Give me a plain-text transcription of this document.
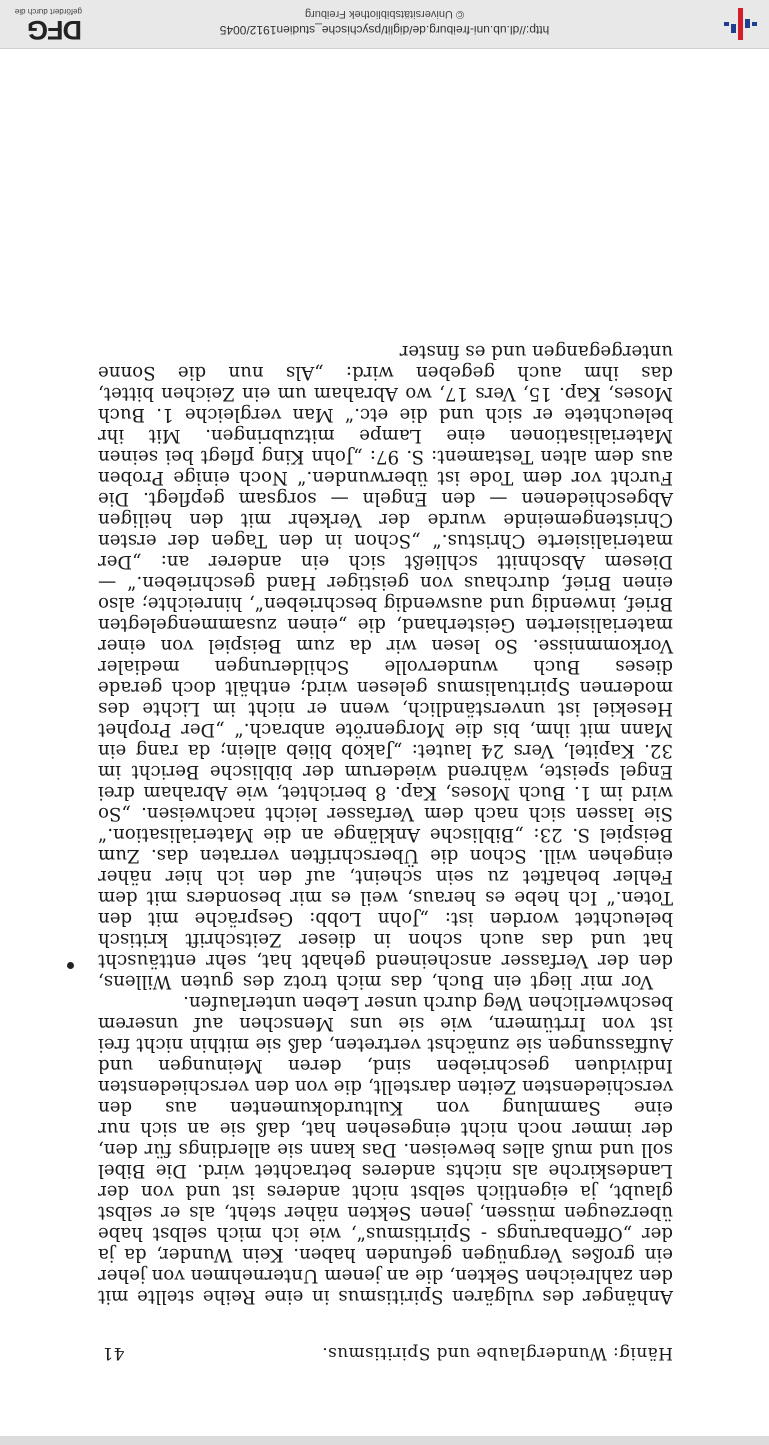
http://dl.ub.uni-freiburg.de/diglit/psychische_studien1912/0045
© Universitätsbibliothek Freiburg
DFG
gefördert durch die
Hänig: Wunderglaube und Spiritismus.
41

Anhänger des vulgären Spiritismus in eine Reihe stellte mit den zahlreichen Sekten, die an jenem Unternehmen von jeher ein großes Vergnügen gefunden haben. Kein Wunder, da ja der „Offenbarungs - Spiritismus“, wie ich mich selbst habe überzeugen müssen, jenen Sekten näher steht, als er selbst glaubt, ja eigentlich selbst nicht anderes ist und von der Landeskirche als nichts anderes betrachtet wird. Die Bibel soll und muß alles beweisen. Das kann sie allerdings für den, der immer noch nicht eingesehen hat, daß sie an sich nur eine Sammlung von Kulturdokumenten aus den verschiedensten Zeiten darstellt, die von den verschiedensten Individuen geschrieben sind, deren Meinungen und Auffassungen sie zunächst vertreten, daß sie mithin nicht frei ist von Irrtümern, wie sie uns Menschen auf unserem beschwerlichen Weg durch unser Leben unterlaufen.

Vor mir liegt ein Buch, das mich trotz des guten Willens, den der Verfasser anscheinend gehabt hat, sehr enttäuscht hat und das auch schon in dieser Zeitschrift kritisch beleuchtet worden ist: „John Lobb: Gespräche mit den Toten.“ Ich hebe es heraus, weil es mir besonders mit dem Fehler behaftet zu sein scheint, auf den ich hier näher eingehen will. Schon die Überschriften verraten das. Zum Beispiel S. 23: „Biblische Anklänge an die Materialisation.“ Sie lassen sich nach dem Verfasser leicht nachweisen. „So wird im 1. Buch Moses, Kap. 8 berichtet, wie Abraham drei Engel speiste, während wiederum der biblische Bericht im 32. Kapitel, Vers 24 lautet: „Jakob blieb allein; da rang ein Mann mit ihm, bis die Morgenröte anbrach.“ „Der Prophet Hesekiel ist unverständlich, wenn er nicht im Lichte des modernen Spiritualismus gelesen wird; enthält doch gerade dieses Buch wundervolle Schilderungen medialer Vorkommnisse. So lesen wir da zum Beispiel von einer materialisierten Geisterhand, die „einen zusammengelegten Brief, inwendig und auswendig beschrieben“, hinreichte; also einen Brief, durchaus von geistiger Hand geschrieben.“ — Diesem Abschnitt schließt sich ein anderer an: „Der materialisierte Christus.“ „Schon in den Tagen der ersten Christengemeinde wurde der Verkehr mit den heiligen Abgeschiedenen — den Engeln — sorgsam gepflegt. Die Furcht vor dem Tode ist überwunden.“ Noch einige Proben aus dem alten Testament: S. 97: „John King pflegt bei seinen Materialisationen eine Lampe mitzubringen. Mit ihr beleuchtete er sich und die etc.“ Man vergleiche 1. Buch Moses, Kap. 15, Vers 17, wo Abraham um ein Zeichen bittet, das ihm auch gegeben wird: „Als nun die Sonne untergegangen und es finster
